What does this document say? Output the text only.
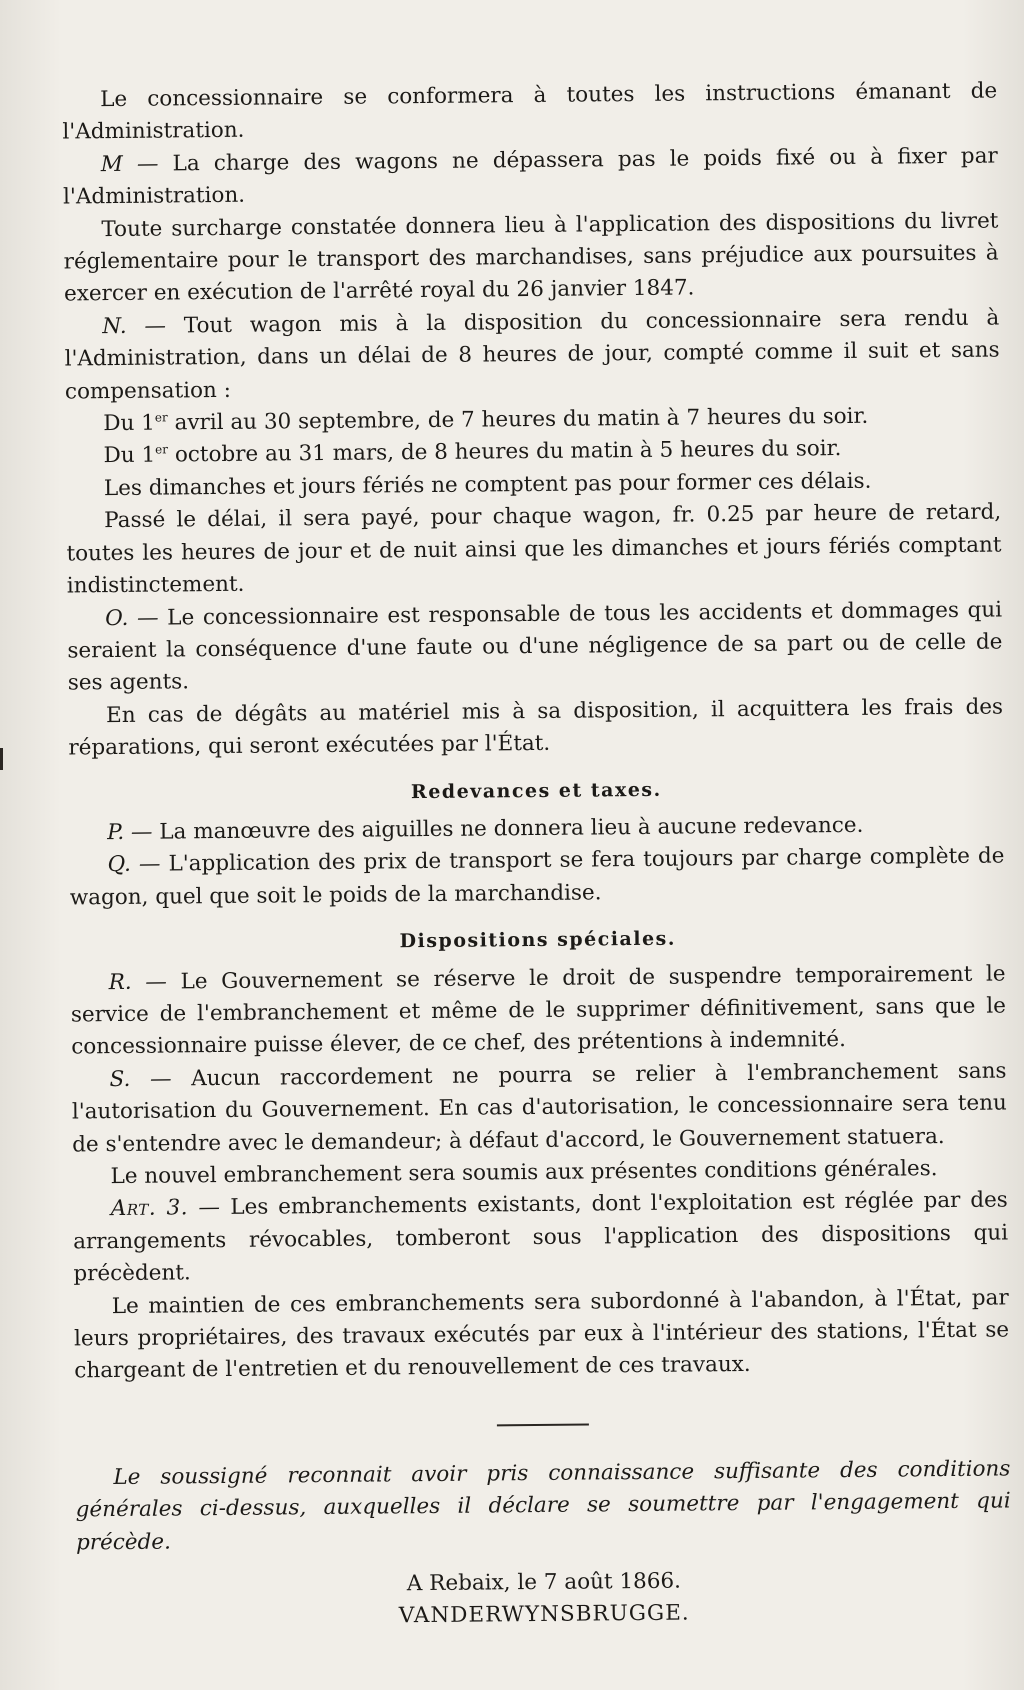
Le concessionnaire se conformera à toutes les instructions émanant de l'Administration.

M — La charge des wagons ne dépassera pas le poids fixé ou à fixer par l'Administration.

Toute surcharge constatée donnera lieu à l'application des dispositions du livret réglementaire pour le transport des marchandises, sans préjudice aux poursuites à exercer en exécution de l'arrêté royal du 26 janvier 1847.

N. — Tout wagon mis à la disposition du concessionnaire sera rendu à l'Administration, dans un délai de 8 heures de jour, compté comme il suit et sans compensation :

Du 1er avril au 30 septembre, de 7 heures du matin à 7 heures du soir.

Du 1er octobre au 31 mars, de 8 heures du matin à 5 heures du soir.

Les dimanches et jours fériés ne comptent pas pour former ces délais.

Passé le délai, il sera payé, pour chaque wagon, fr. 0.25 par heure de retard, toutes les heures de jour et de nuit ainsi que les dimanches et jours fériés comptant indistinctement.

O. — Le concessionnaire est responsable de tous les accidents et dommages qui seraient la conséquence d'une faute ou d'une négligence de sa part ou de celle de ses agents.

En cas de dégâts au matériel mis à sa disposition, il acquittera les frais des réparations, qui seront exécutées par l'État.

Redevances et taxes.

P. — La manœuvre des aiguilles ne donnera lieu à aucune redevance.

Q. — L'application des prix de transport se fera toujours par charge complète de wagon, quel que soit le poids de la marchandise.

Dispositions spéciales.

R. — Le Gouvernement se réserve le droit de suspendre temporairement le service de l'embranchement et même de le supprimer définitivement, sans que le concessionnaire puisse élever, de ce chef, des prétentions à indemnité.

S. — Aucun raccordement ne pourra se relier à l'embranchement sans l'autorisation du Gouvernement. En cas d'autorisation, le concessionnaire sera tenu de s'entendre avec le demandeur; à défaut d'accord, le Gouvernement statuera.

Le nouvel embranchement sera soumis aux présentes conditions générales.

Art. 3. — Les embranchements existants, dont l'exploitation est réglée par des arrangements révocables, tomberont sous l'application des dispositions qui précèdent.

Le maintien de ces embranchements sera subordonné à l'abandon, à l'État, par leurs propriétaires, des travaux exécutés par eux à l'intérieur des stations, l'État se chargeant de l'entretien et du renouvellement de ces travaux.

Le soussigné reconnait avoir pris connaissance suffisante des conditions générales ci-dessus, auxquelles il déclare se soumettre par l'engagement qui précède.

A Rebaix, le 7 août 1866.

VANDERWYNSBRUGGE.
